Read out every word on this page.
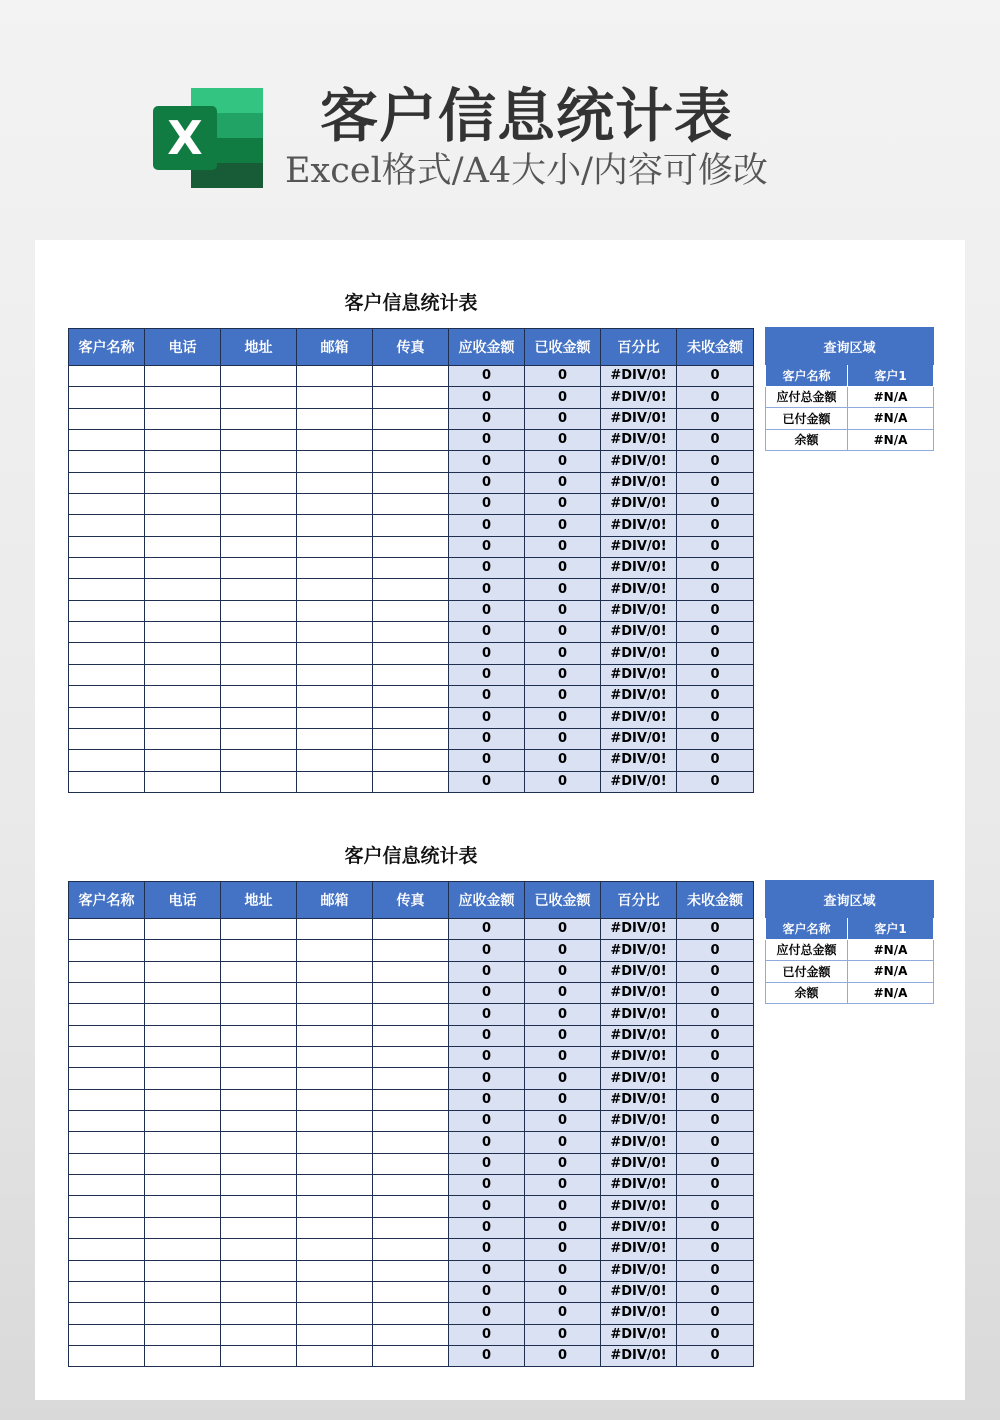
X 客户信息统计表
Excel格式/A4大小/内容可修改
客户信息统计表
客户名称	电话	地址	邮箱	传真	应收金额	已收金额	百分比	未收金额
					0	0	#DIV/0!	0
					0	0	#DIV/0!	0
					0	0	#DIV/0!	0
					0	0	#DIV/0!	0
					0	0	#DIV/0!	0
					0	0	#DIV/0!	0
					0	0	#DIV/0!	0
					0	0	#DIV/0!	0
					0	0	#DIV/0!	0
					0	0	#DIV/0!	0
					0	0	#DIV/0!	0
					0	0	#DIV/0!	0
					0	0	#DIV/0!	0
					0	0	#DIV/0!	0
					0	0	#DIV/0!	0
					0	0	#DIV/0!	0
					0	0	#DIV/0!	0
					0	0	#DIV/0!	0
					0	0	#DIV/0!	0
					0	0	#DIV/0!	0
查询区域	
客户名称	客户1
应付总金额	#N/A
已付金额	#N/A
余额	#N/A
客户信息统计表
客户名称	电话	地址	邮箱	传真	应收金额	已收金额	百分比	未收金额
					0	0	#DIV/0!	0
					0	0	#DIV/0!	0
					0	0	#DIV/0!	0
					0	0	#DIV/0!	0
					0	0	#DIV/0!	0
					0	0	#DIV/0!	0
					0	0	#DIV/0!	0
					0	0	#DIV/0!	0
					0	0	#DIV/0!	0
					0	0	#DIV/0!	0
					0	0	#DIV/0!	0
					0	0	#DIV/0!	0
					0	0	#DIV/0!	0
					0	0	#DIV/0!	0
					0	0	#DIV/0!	0
					0	0	#DIV/0!	0
					0	0	#DIV/0!	0
					0	0	#DIV/0!	0
					0	0	#DIV/0!	0
					0	0	#DIV/0!	0
					0	0	#DIV/0!	0
查询区域	
客户名称	客户1
应付总金额	#N/A
已付金额	#N/A
余额	#N/A
